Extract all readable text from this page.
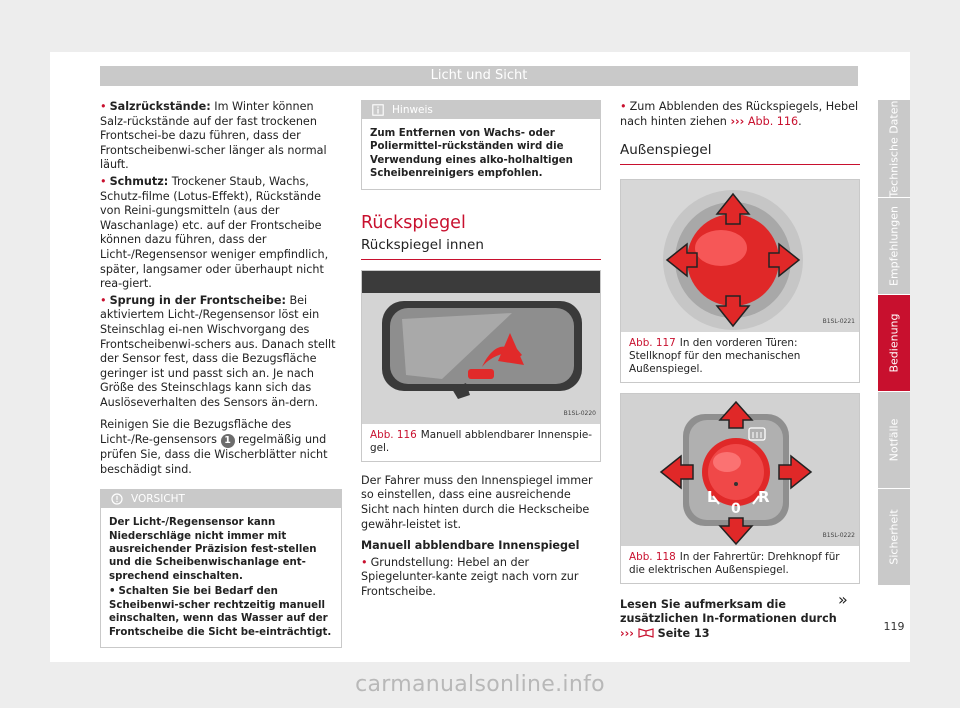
Licht und Sicht

• Salzrückstände: Im Winter können Salz-rückstände auf der fast trockenen Frontschei-be dazu führen, dass der Frontscheibenwi-scher länger als normal läuft.

• Schmutz: Trockener Staub, Wachs, Schutz-filme (Lotus-Effekt), Rückstände von Reini-gungsmitteln (aus der Waschanlage) etc. auf der Frontscheibe können dazu führen, dass der Licht-/Regensensor weniger empfindlich, später, langsamer oder überhaupt nicht rea-giert.

• Sprung in der Frontscheibe: Bei aktiviertem Licht-/Regensensor löst ein Steinschlag ei-nen Wischvorgang des Frontscheibenwi-schers aus. Danach stellt der Sensor fest, dass die Bezugsfläche geringer ist und passt sich an. Je nach Größe des Steinschlags kann sich das Auslöseverhalten des Sensors än-dern.

Reinigen Sie die Bezugsfläche des Licht-/Re-gensensors 1 regelmäßig und prüfen Sie, dass die Wischerblätter nicht beschädigt sind.

VORSICHT

Der Licht-/Regensensor kann Niederschläge nicht immer mit ausreichender Präzision fest-stellen und die Scheibenwischanlage ent-sprechend einschalten.

• Schalten Sie bei Bedarf den Scheibenwi-scher rechtzeitig manuell einschalten, wenn das Wasser auf der Frontscheibe die Sicht be-einträchtigt.

Hinweis
Zum Entfernen von Wachs- oder Poliermittel-rückständen wird die Verwendung eines alko-holhaltigen Scheibenreinigers empfohlen.
Rückspiegel
Rückspiegel innen
B1SL-0220
Abb. 116 Manuell abblendbarer Innenspie-gel.

Der Fahrer muss den Innenspiegel immer so einstellen, dass eine ausreichende Sicht nach hinten durch die Heckscheibe gewähr-leistet ist.

Manuell abblendbare Innenspiegel

• Grundstellung: Hebel an der Spiegelunter-kante zeigt nach vorn zur Frontscheibe.

• Zum Abblenden des Rückspiegels, Hebel nach hinten ziehen ››› Abb. 116.

Außenspiegel
B1SL-0221
Abb. 117 In den vorderen Türen: Stellknopf für den mechanischen Außenspiegel.
L
0
R
B1SL-0222
Abb. 118 In der Fahrertür: Drehknopf für die elektrischen Außenspiegel.

Lesen Sie aufmerksam die zusätzlichen In-formationen durch ››› Seite 13

»
Technische Daten
Empfehlungen
Bedienung
Notfälle
Sicherheit
119
carmanualsonline.info
